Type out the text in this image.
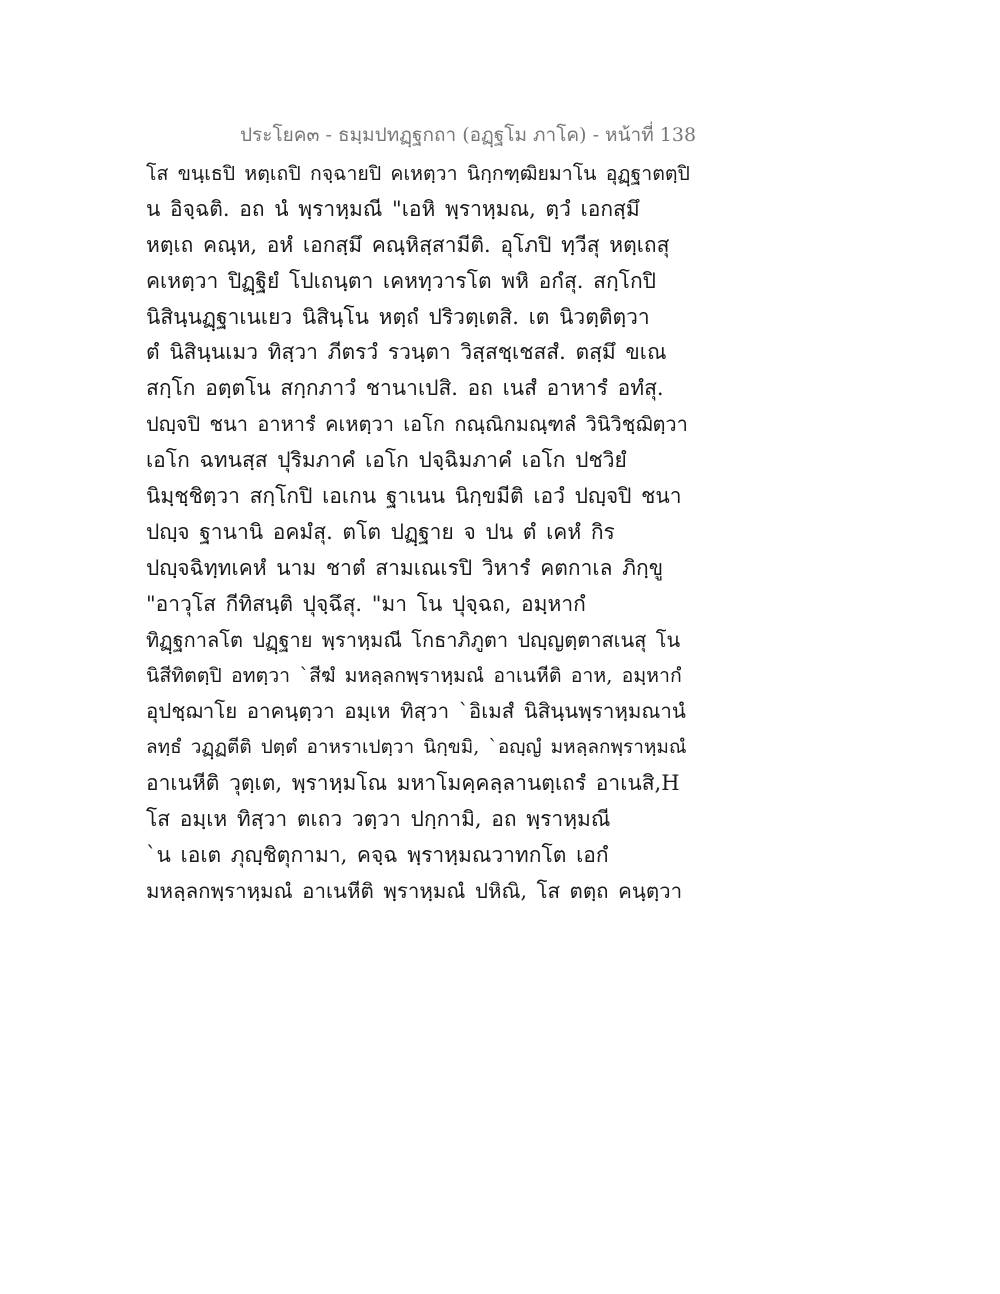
ประโยค๓ - ธมฺมปทฏฺฐกถา (อฏฺฐโม ภาโค) - หน้าที่ 138
โส ขนฺเธปิ หตฺเถปิ กจฺฉายปิ คเหตฺวา นิกฺกฑฺฒิยมาโน อุฏฺฐาตตฺปิ
น อิจฺฉติ. อถ นํ พฺราหฺมณี "เอหิ พฺราหฺมณ, ตฺวํ เอกสฺมึ
หตฺเถ คณฺห, อหํ เอกสฺมึ คณฺหิสฺสามีติ. อุโภปิ ทฺวีสุ หตฺเถสุ
คเหตฺวา ปิฏฺฐิยํ โปเถนฺตา เคหทฺวารโต พหิ อกํสุ. สกฺโกปิ
นิสินฺนฏฺฐาเนเยว นิสินฺโน หตฺถํ ปริวตฺเตสิ. เต นิวตฺติตฺวา
ตํ นิสินฺนเมว ทิสฺวา ภีตรวํ รวนฺตา วิสฺสชฺเชสสํ. ตสฺมึ ขเณ
สกฺโก อตฺตโน สกฺกภาวํ ชานาเปสิ. อถ เนสํ อาหารํ อทํสุ.
ปญฺจปิ ชนา อาหารํ คเหตฺวา เอโก กณฺณิกมณฺฑลํ วินิวิชฺฌิตฺวา
เอโก ฉทนสฺส ปุริมภาคํ เอโก ปจฺฉิมภาคํ เอโก ปชวิยํ
นิมฺชฺชิตฺวา สกฺโกปิ เอเกน ฐาเนน นิกฺขมีติ เอวํ ปญฺจปิ ชนา
ปญฺจ ฐานานิ อคมํสุ. ตโต ปฏฺฐาย จ ปน ตํ เคหํ กิร
ปญฺจฉิทฺทเคหํ นาม ชาตํ สามเณเรปิ วิหารํ คตกาเล ภิกฺขู
"อาวุโส กีทิสนฺติ ปุจฺฉึสุ. "มา โน ปุจฺฉถ, อมฺหากํ
ทิฏฺฐกาลโต ปฏฺฐาย พฺราหฺมณี โกธาภิภูตา ปญฺญตฺตาสเนสุ โน
นิสีทิตตฺปิ อทตฺวา `สีฆํ มหลฺลกพฺราหฺมณํ อาเนหีติ อาห, อมฺหากํ
อุปชฺฌาโย อาคนฺตฺวา อมฺเห ทิสฺวา `อิเมสํ นิสินฺนพฺราหฺมณานํ
ลทฺธํ วฏฺฏตีติ ปตฺตํ อาหราเปตฺวา นิกฺขมิ, `อญฺญํ มหลฺลกพฺราหฺมณํ
อาเนหีติ วุตฺเต, พฺราหฺมโณ มหาโมคฺคลฺลานตฺเถรํ อาเนสิ,H
โส อมฺเห ทิสฺวา ตเถว วตฺวา ปกฺกามิ, อถ พฺราหฺมณี
`น เอเต ภุญฺชิตุกามา, คจฺฉ พฺราหฺมณวาทกโต เอกํ
มหลฺลกพฺราหฺมณํ อาเนหีติ พฺราหฺมณํ ปหิณิ, โส ตตฺถ คนฺตฺวา
